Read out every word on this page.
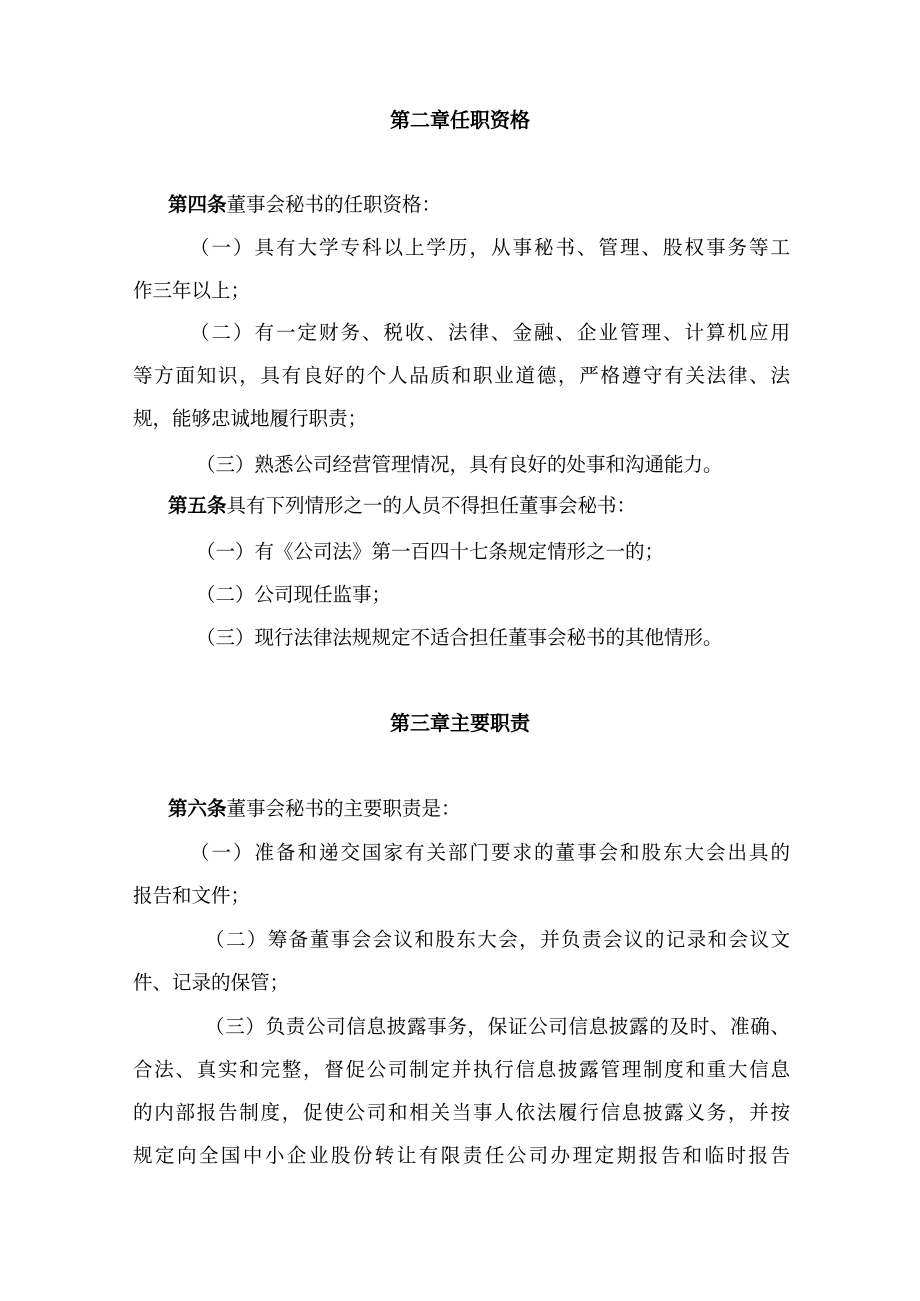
第二章任职资格

第四条董事会秘书的任职资格：

（一）具有大学专科以上学历，从事秘书、管理、股权事务等工

作三年以上；

（二）有一定财务、税收、法律、金融、企业管理、计算机应用

等方面知识，具有良好的个人品质和职业道德，严格遵守有关法律、法

规，能够忠诚地履行职责；

（三）熟悉公司经营管理情况，具有良好的处事和沟通能力。

第五条具有下列情形之一的人员不得担任董事会秘书：

（一）有《公司法》第一百四十七条规定情形之一的；

（二）公司现任监事；

（三）现行法律法规规定不适合担任董事会秘书的其他情形。

第三章主要职责

第六条董事会秘书的主要职责是：

（一）准备和递交国家有关部门要求的董事会和股东大会出具的

报告和文件；

（二）筹备董事会会议和股东大会，并负责会议的记录和会议文

件、记录的保管；

（三）负责公司信息披露事务，保证公司信息披露的及时、准确、

合法、真实和完整，督促公司制定并执行信息披露管理制度和重大信息

的内部报告制度，促使公司和相关当事人依法履行信息披露义务，并按

规定向全国中小企业股份转让有限责任公司办理定期报告和临时报告
